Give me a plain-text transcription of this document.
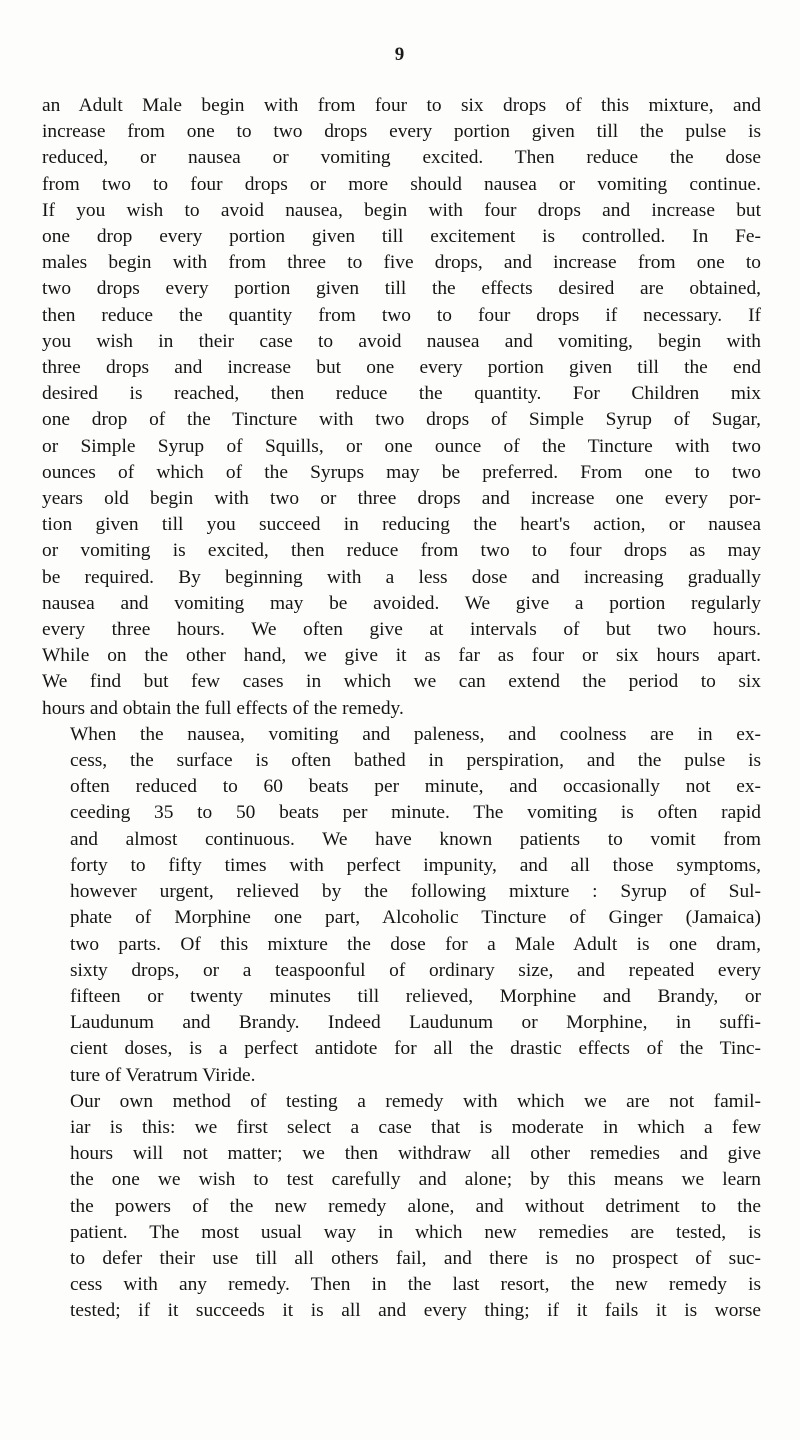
9
an Adult Male begin with from four to six drops of this mixture, and
increase from one to two drops every portion given till the pulse is
reduced, or nausea or vomiting excited. Then reduce the dose
from two to four drops or more should nausea or vomiting continue.
If you wish to avoid nausea, begin with four drops and increase but
one drop every portion given till excitement is controlled. In Fe-
males begin with from three to five drops, and increase from one to
two drops every portion given till the effects desired are obtained,
then reduce the quantity from two to four drops if necessary. If
you wish in their case to avoid nausea and vomiting, begin with
three drops and increase but one every portion given till the end
desired is reached, then reduce the quantity. For Children mix
one drop of the Tincture with two drops of Simple Syrup of Sugar,
or Simple Syrup of Squills, or one ounce of the Tincture with two
ounces of which of the Syrups may be preferred. From one to two
years old begin with two or three drops and increase one every por-
tion given till you succeed in reducing the heart's action, or nausea
or vomiting is excited, then reduce from two to four drops as may
be required. By beginning with a less dose and increasing gradually
nausea and vomiting may be avoided. We give a portion regularly
every three hours. We often give at intervals of but two hours.
While on the other hand, we give it as far as four or six hours apart.
We find but few cases in which we can extend the period to six
hours and obtain the full effects of the remedy.
When the nausea, vomiting and paleness, and coolness are in ex-
cess, the surface is often bathed in perspiration, and the pulse is
often reduced to 60 beats per minute, and occasionally not ex-
ceeding 35 to 50 beats per minute. The vomiting is often rapid
and almost continuous. We have known patients to vomit from
forty to fifty times with perfect impunity, and all those symptoms,
however urgent, relieved by the following mixture : Syrup of Sul-
phate of Morphine one part, Alcoholic Tincture of Ginger (Jamaica)
two parts. Of this mixture the dose for a Male Adult is one dram,
sixty drops, or a teaspoonful of ordinary size, and repeated every
fifteen or twenty minutes till relieved, Morphine and Brandy, or
Laudunum and Brandy. Indeed Laudunum or Morphine, in suffi-
cient doses, is a perfect antidote for all the drastic effects of the Tinc-
ture of Veratrum Viride.
Our own method of testing a remedy with which we are not famil-
iar is this: we first select a case that is moderate in which a few
hours will not matter; we then withdraw all other remedies and give
the one we wish to test carefully and alone; by this means we learn
the powers of the new remedy alone, and without detriment to the
patient. The most usual way in which new remedies are tested, is
to defer their use till all others fail, and there is no prospect of suc-
cess with any remedy. Then in the last resort, the new remedy is
tested; if it succeeds it is all and every thing; if it fails it is worse
